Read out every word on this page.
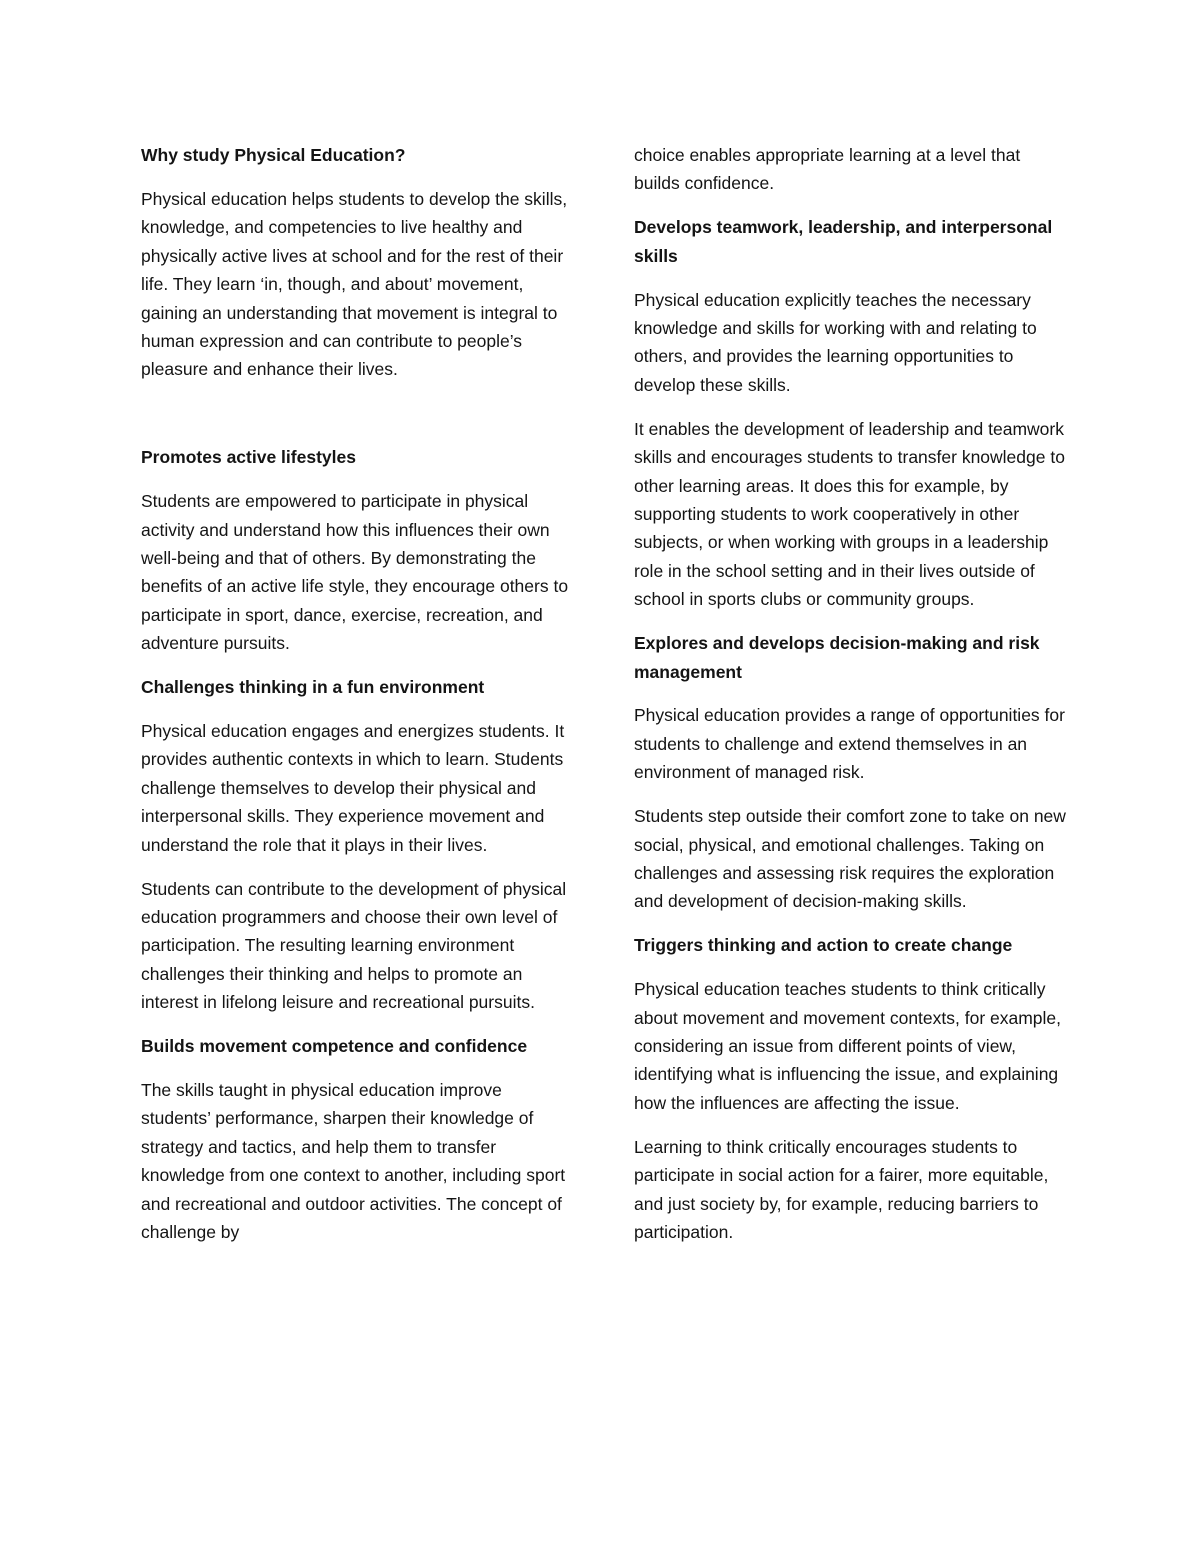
Why study Physical Education?
Physical education helps students to develop the skills, knowledge, and competencies to live healthy and physically active lives at school and for the rest of their life. They learn ‘in, though, and about’ movement, gaining an understanding that movement is integral to human expression and can contribute to people’s pleasure and enhance their lives.
Promotes active lifestyles
Students are empowered to participate in physical activity and understand how this influences their own well-being and that of others. By demonstrating the benefits of an active life style, they encourage others to participate in sport, dance, exercise, recreation, and adventure pursuits.
Challenges thinking in a fun environment
Physical education engages and energizes students. It provides authentic contexts in which to learn. Students challenge themselves to develop their physical and interpersonal skills. They experience movement and understand the role that it plays in their lives.
Students can contribute to the development of physical education programmers and choose their own level of participation. The resulting learning environment challenges their thinking and helps to promote an interest in lifelong leisure and recreational pursuits.
Builds movement competence and confidence
The skills taught in physical education improve students’ performance, sharpen their knowledge of strategy and tactics, and help them to transfer knowledge from one context to another, including sport and recreational and outdoor activities. The concept of challenge by
choice enables appropriate learning at a level that builds confidence.
Develops teamwork, leadership, and interpersonal skills
Physical education explicitly teaches the necessary knowledge and skills for working with and relating to others, and provides the learning opportunities to develop these skills.
It enables the development of leadership and teamwork skills and encourages students to transfer knowledge to other learning areas. It does this for example, by supporting students to work cooperatively in other subjects, or when working with groups in a leadership role in the school setting and in their lives outside of school in sports clubs or community groups.
Explores and develops decision-making and risk management
Physical education provides a range of opportunities for students to challenge and extend themselves in an environment of managed risk.
Students step outside their comfort zone to take on new social, physical, and emotional challenges. Taking on challenges and assessing risk requires the exploration and development of decision-making skills.
Triggers thinking and action to create change
Physical education teaches students to think critically about movement and movement contexts, for example, considering an issue from different points of view, identifying what is influencing the issue, and explaining how the influences are affecting the issue.
Learning to think critically encourages students to participate in social action for a fairer, more equitable, and just society by, for example, reducing barriers to participation.
